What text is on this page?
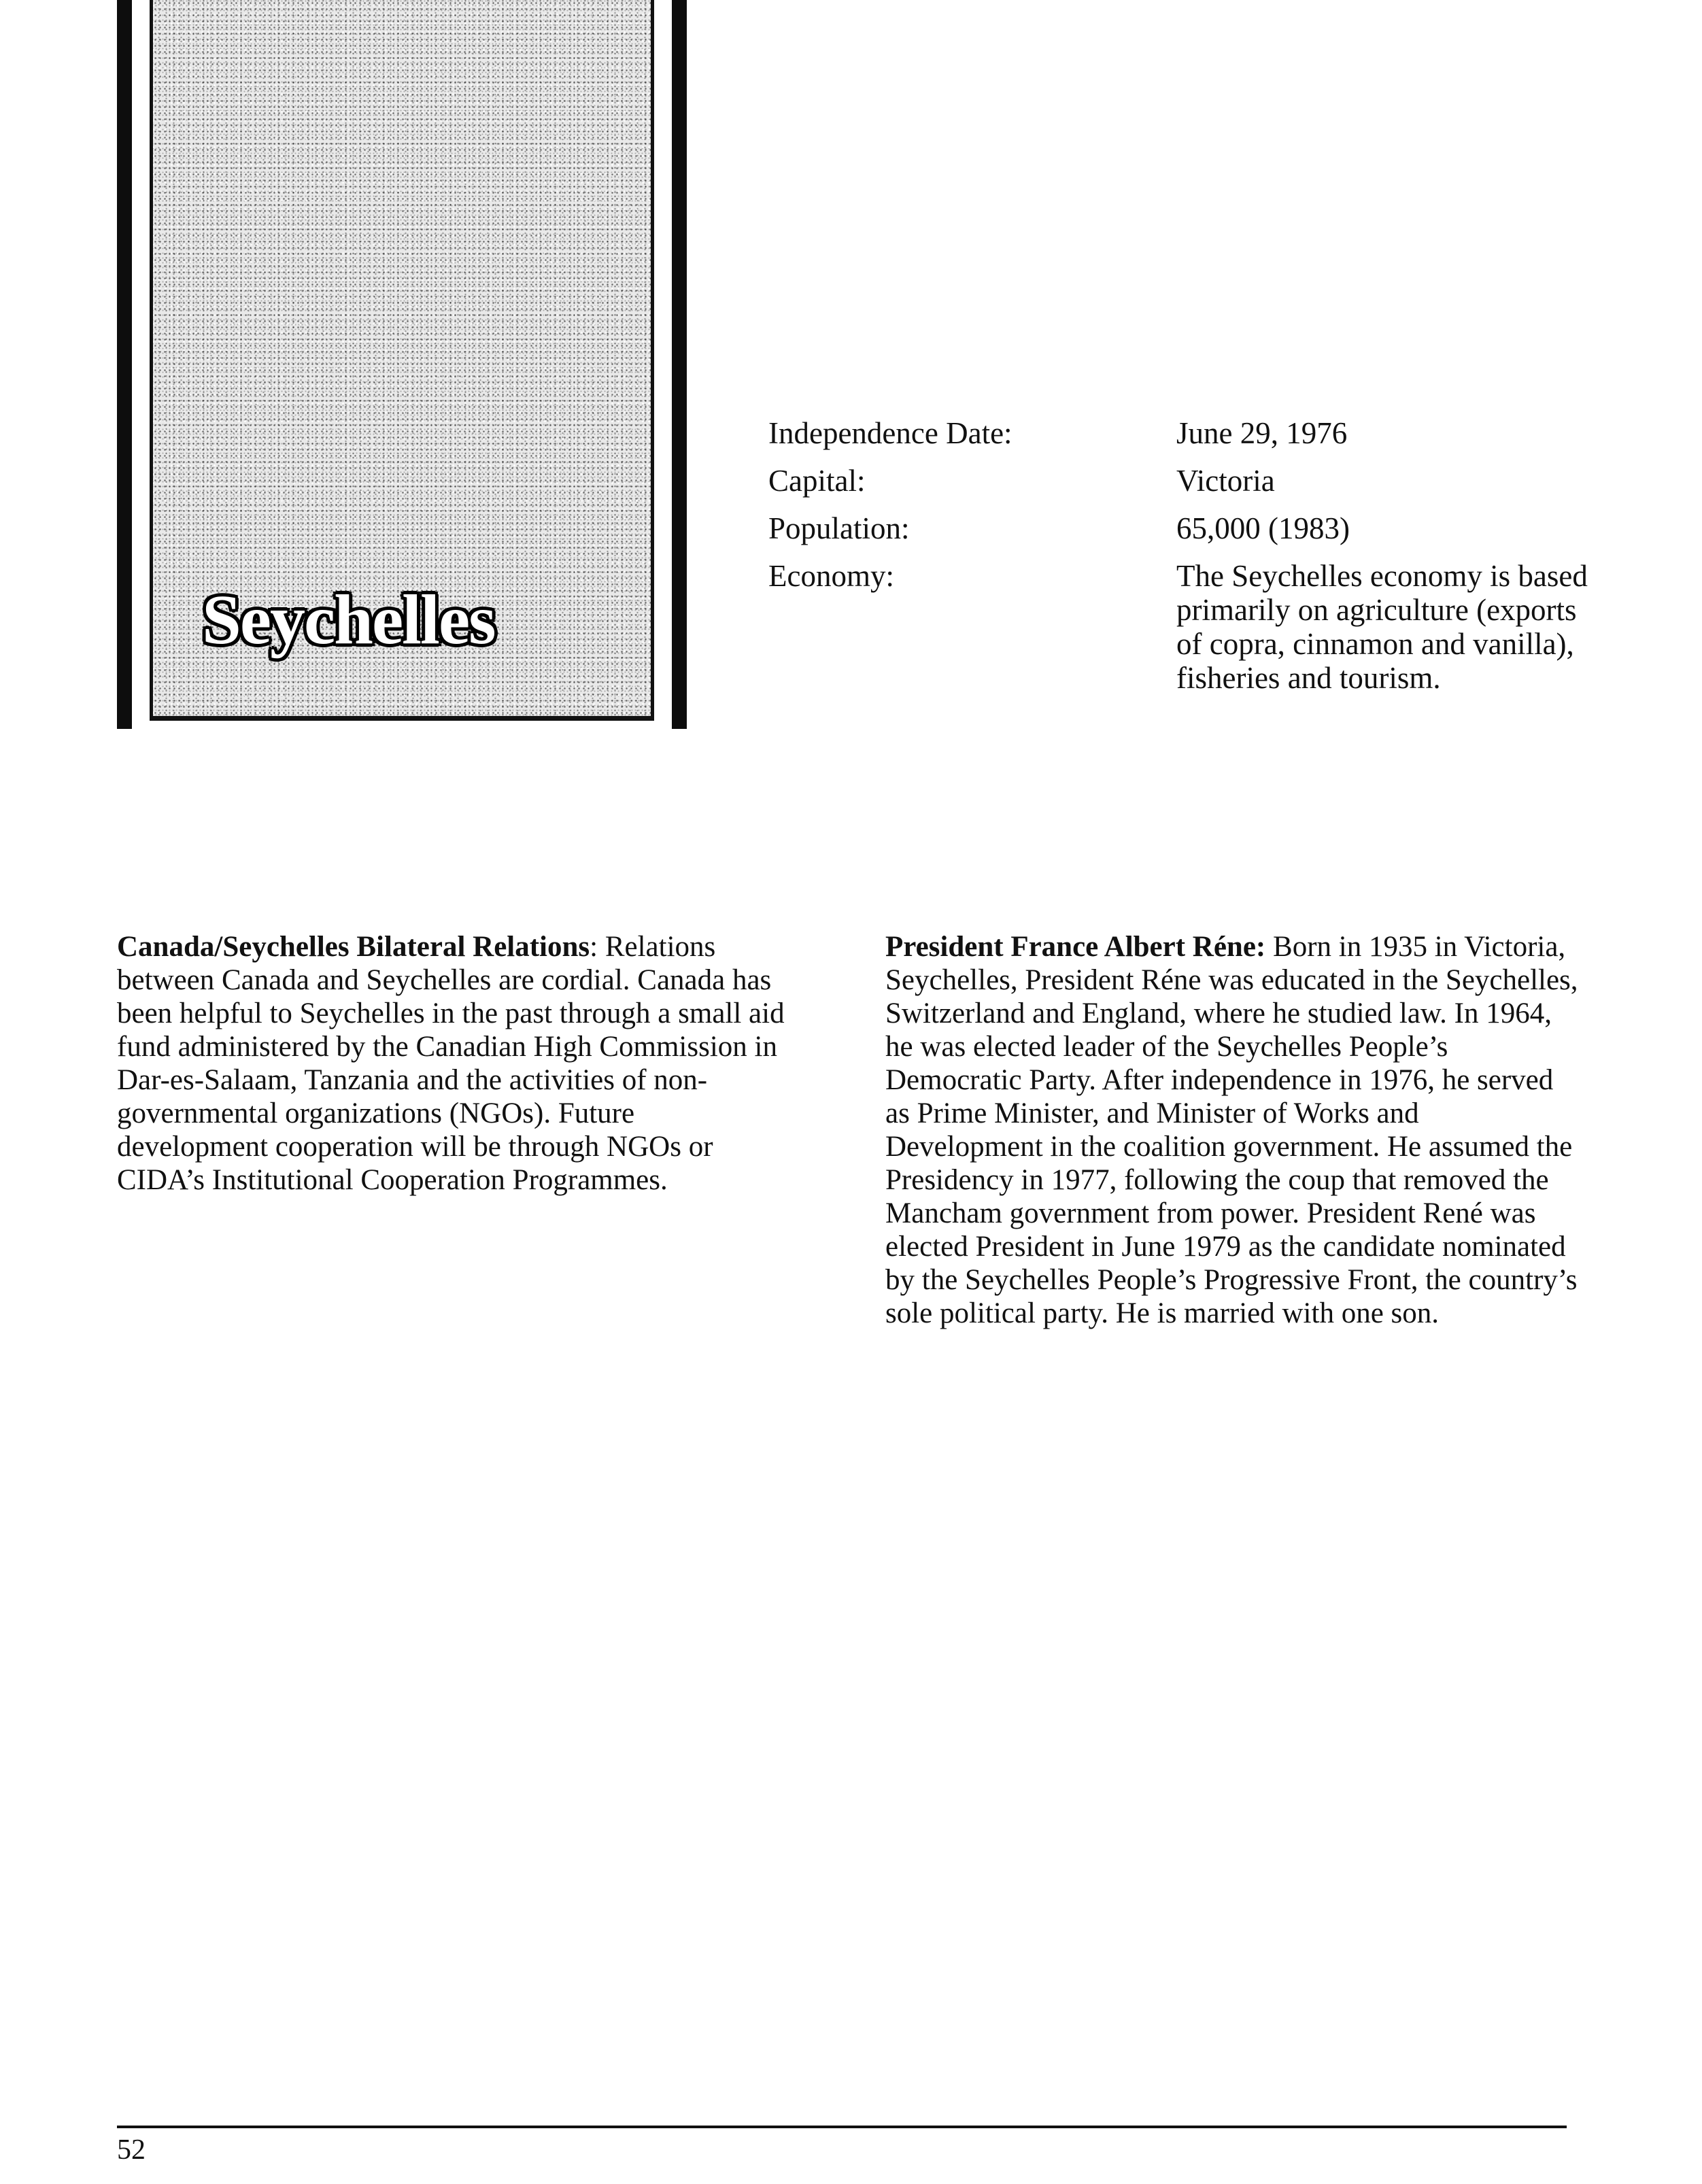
Seychelles
Independence Date:	June 29, 1976
Capital:	Victoria
Population:	65,000 (1983)
Economy:	The Seychelles economy is based primarily on agriculture (exports of copra, cinnamon and vanilla), fisheries and tourism.

Canada/Seychelles Bilateral Relations: Relations between Canada and Seychelles are cordial. Canada has been helpful to Seychelles in the past through a small aid fund administered by the Canadian High Commission in Dar-es-Salaam, Tanzania and the activities of non-governmental organizations (NGOs). Future development cooperation will be through NGOs or CIDA’s Institutional Cooperation Programmes.

President France Albert Réne: Born in 1935 in Victoria, Seychelles, President Réne was educated in the Seychelles, Switzerland and England, where he studied law. In 1964, he was elected leader of the Seychelles People’s Democratic Party. After independence in 1976, he served as Prime Minister, and Minister of Works and Development in the coalition government. He assumed the Presidency in 1977, following the coup that removed the Mancham government from power. President René was elected President in June 1979 as the candidate nominated by the Seychelles People’s Progressive Front, the country’s sole political party. He is married with one son.

52
